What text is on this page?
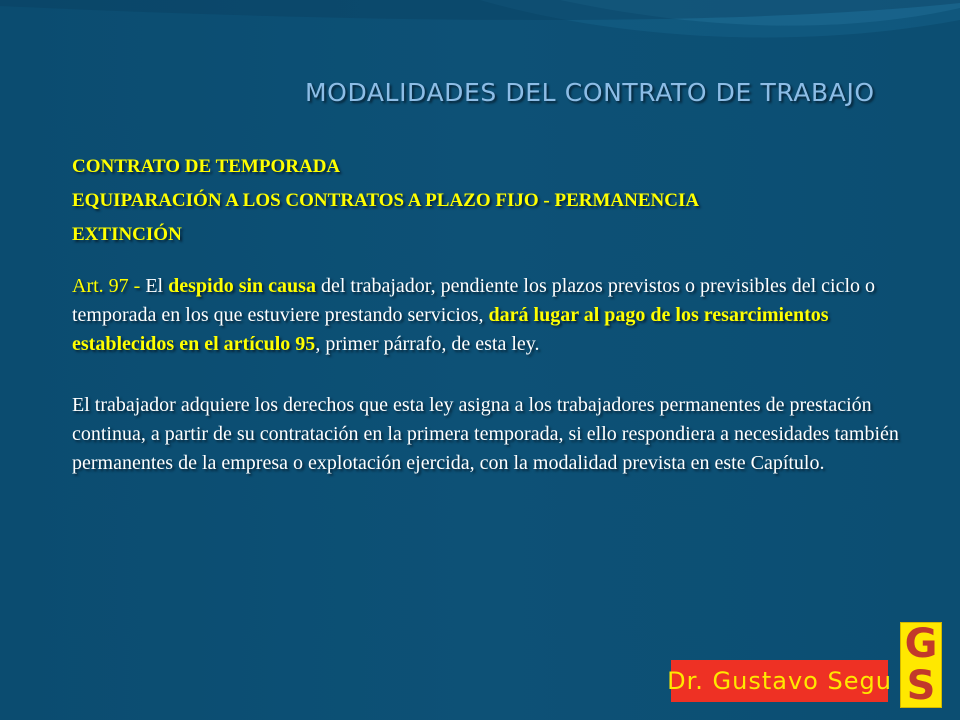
MODALIDADES DEL CONTRATO DE TRABAJO

CONTRATO DE TEMPORADA

EQUIPARACIÓN A LOS CONTRATOS A PLAZO FIJO - PERMANENCIA

EXTINCIÓN

Art. 97 - El despido sin causa del trabajador, pendiente los plazos previstos o previsibles del ciclo o temporada en los que estuviere prestando servicios, dará lugar al pago de los resarcimientos establecidos en el artículo 95, primer párrafo, de esta ley.

El trabajador adquiere los derechos que esta ley asigna a los trabajadores permanentes de prestación continua, a partir de su contratación en la primera temporada, si ello respondiera a necesidades también permanentes de la empresa o explotación ejercida, con la modalidad prevista en este Capítulo.

G
S
Dr. Gustavo Segu
